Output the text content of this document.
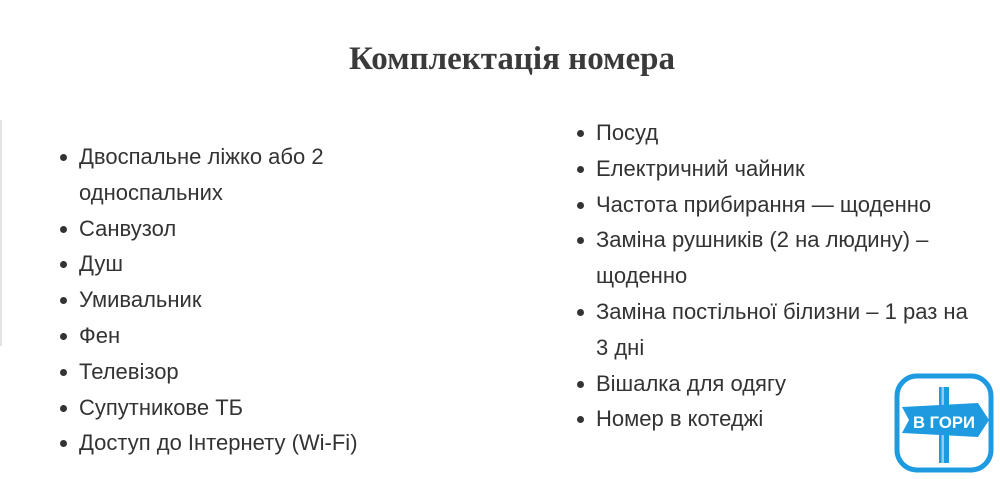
Комплектація номера
Двоспальне ліжко або 2 односпальних
Санвузол
Душ
Умивальник
Фен
Телевізор
Супутникове ТБ
Доступ до Інтернету (Wi-Fi)
Посуд
Електричний чайник
Частота прибирання — щоденно
Заміна рушників (2 на людину) – щоденно
Заміна постільної білизни – 1 раз на 3 дні
Вішалка для одягу
Номер в котеджі	В ГОРИ
